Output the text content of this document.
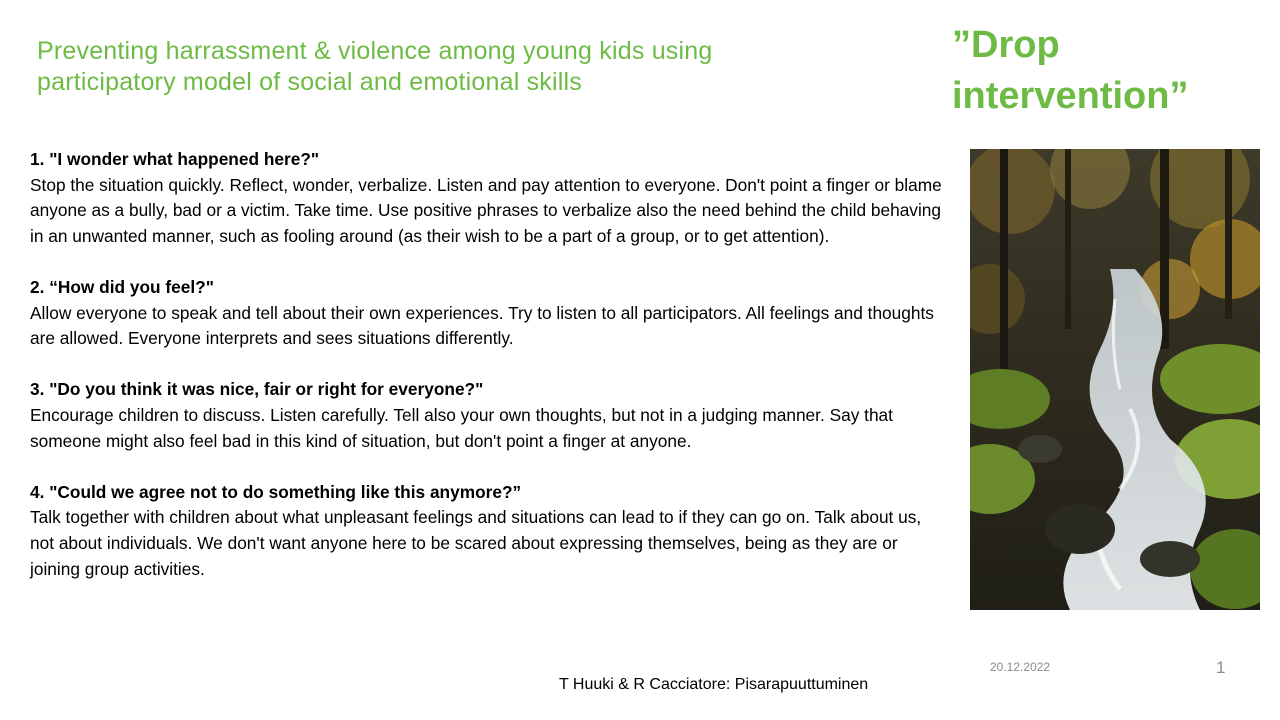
Preventing harrassment & violence among young kids using
participatory model of social and emotional skills
”Drop
intervention”
1. "I wonder what happened here?"
Stop the situation quickly. Reflect, wonder, verbalize. Listen and pay attention to everyone. Don't point a finger or blame anyone as a bully, bad or a victim. Take time. Use positive phrases to verbalize also the need behind the child behaving in an unwanted manner, such as fooling around (as their wish to be a part of a group, or to get attention).
2. “How did you feel?"
Allow everyone to speak and tell about their own experiences. Try to listen to all participators. All feelings and thoughts are allowed. Everyone interprets and sees situations differently.
3. "Do you think it was nice, fair or right for everyone?"
Encourage children to discuss. Listen carefully. Tell also your own thoughts, but not in a judging manner. Say that someone might also feel bad in this kind of situation, but don't point a finger at anyone.
4. "Could we agree not to do something like this anymore?”
Talk together with children about what unpleasant feelings and situations can lead to if they can go on. Talk about us, not about individuals. We don't want anyone here to be scared about expressing themselves, being as they are or joining group activities.
20.12.2022	1
T Huuki & R Cacciatore: Pisarapuuttuminen
